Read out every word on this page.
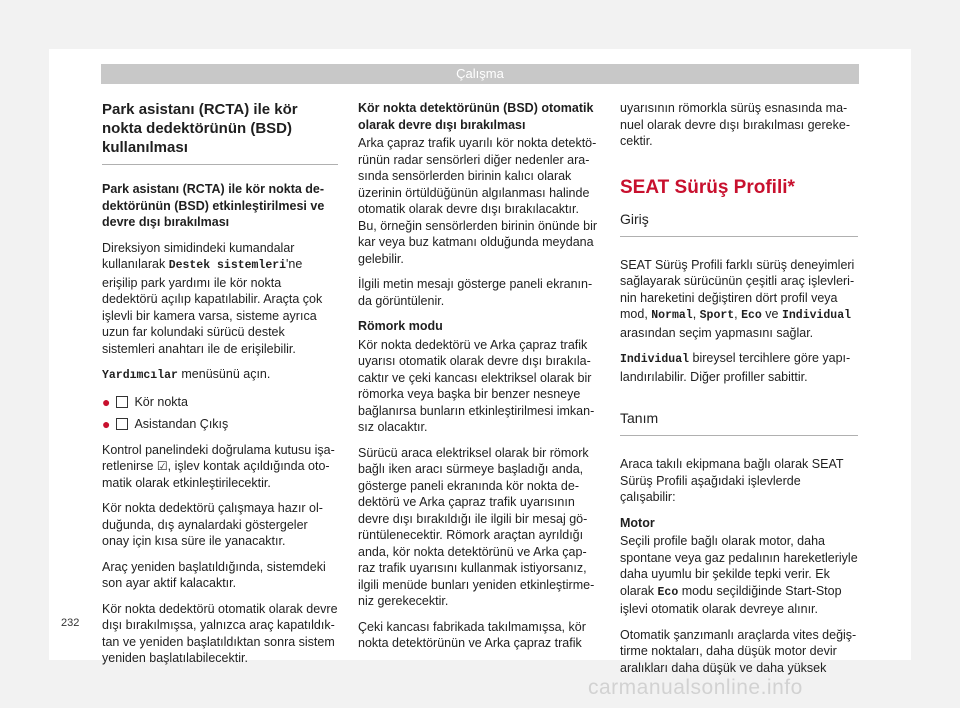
Çalışma
Park asistanı (RCTA) ile kör nokta dedektörünün (BSD) kullanılması

Park asistanı (RCTA) ile kör nokta dedektörünün (BSD) etkinleştirilmesi ve devre dışı bırakılması

Direksiyon simidindeki kumandalar kullanılarak Destek sistemleri'ne erişilip park yardımı ile kör nokta dedektörü açılıp kapatılabilir. Araçta çok işlevli bir kamera varsa, sisteme ayrıca uzun far kolundaki sürücü destek sistemleri anahtarı ile de erişilebilir.

Yardımcılar menüsünü açın.

● Kör nokta
● Asistandan Çıkış

Kontrol panelindeki doğrulama kutusu işaretlenirse ☑, işlev kontak açıldığında otomatik olarak etkinleştirilecektir.

Kör nokta dedektörü çalışmaya hazır olduğunda, dış aynalardaki göstergeler onay için kısa süre ile yanacaktır.

Araç yeniden başlatıldığında, sistemdeki son ayar aktif kalacaktır.

Kör nokta dedektörü otomatik olarak devre dışı bırakılmışsa, yalnızca araç kapatıldıktan ve yeniden başlatıldıktan sonra sistem yeniden başlatılabilecektir.

Kör nokta detektörünün (BSD) otomatik olarak devre dışı bırakılması

Arka çapraz trafik uyarılı kör nokta detektörünün radar sensörleri diğer nedenler arasında sensörlerden birinin kalıcı olarak üzerinin örtüldüğünün algılanması halinde otomatik olarak devre dışı bırakılacaktır. Bu, örneğin sensörlerden birinin önünde bir kar veya buz katmanı olduğunda meydana gelebilir.

İlgili metin mesajı gösterge paneli ekranında görüntülenir.

Römork modu

Kör nokta dedektörü ve Arka çapraz trafik uyarısı otomatik olarak devre dışı bırakılacaktır ve çeki kancası elektriksel olarak bir römorka veya başka bir benzer nesneye bağlanırsa bunların etkinleştirilmesi imkansız olacaktır.

Sürücü araca elektriksel olarak bir römork bağlı iken aracı sürmeye başladığı anda, gösterge paneli ekranında kör nokta dedektörü ve Arka çapraz trafik uyarısının devre dışı bırakıldığı ile ilgili bir mesaj görüntülenecektir. Römork araçtan ayrıldığı anda, kör nokta detektörünü ve Arka çapraz trafik uyarısını kullanmak istiyorsanız, ilgili menüde bunları yeniden etkinleştirmeniz gerekecektir.

Çeki kancası fabrikada takılmamışsa, kör nokta detektörünün ve Arka çapraz trafik

uyarısının römorkla sürüş esnasında manuel olarak devre dışı bırakılması gerekecektir.

SEAT Sürüş Profili*
Giriş

SEAT Sürüş Profili farklı sürüş deneyimleri sağlayarak sürücünün çeşitli araç işlevlerinin hareketini değiştiren dört profil veya mod, Normal, Sport, Eco ve Individual arasından seçim yapmasını sağlar.

Individual bireysel tercihlere göre yapılandırılabilir. Diğer profiller sabittir.

Tanım

Araca takılı ekipmana bağlı olarak SEAT Sürüş Profili aşağıdaki işlevlerde çalışabilir:

Motor

Seçili profile bağlı olarak motor, daha spontane veya gaz pedalının hareketleriyle daha uyumlu bir şekilde tepki verir. Ek olarak Eco modu seçildiğinde Start-Stop işlevi otomatik olarak devreye alınır.

Otomatik şanzımanlı araçlarda vites değiştirme noktaları, daha düşük motor devir aralıkları daha düşük ve daha yüksek

232
carmanualsonline.info
